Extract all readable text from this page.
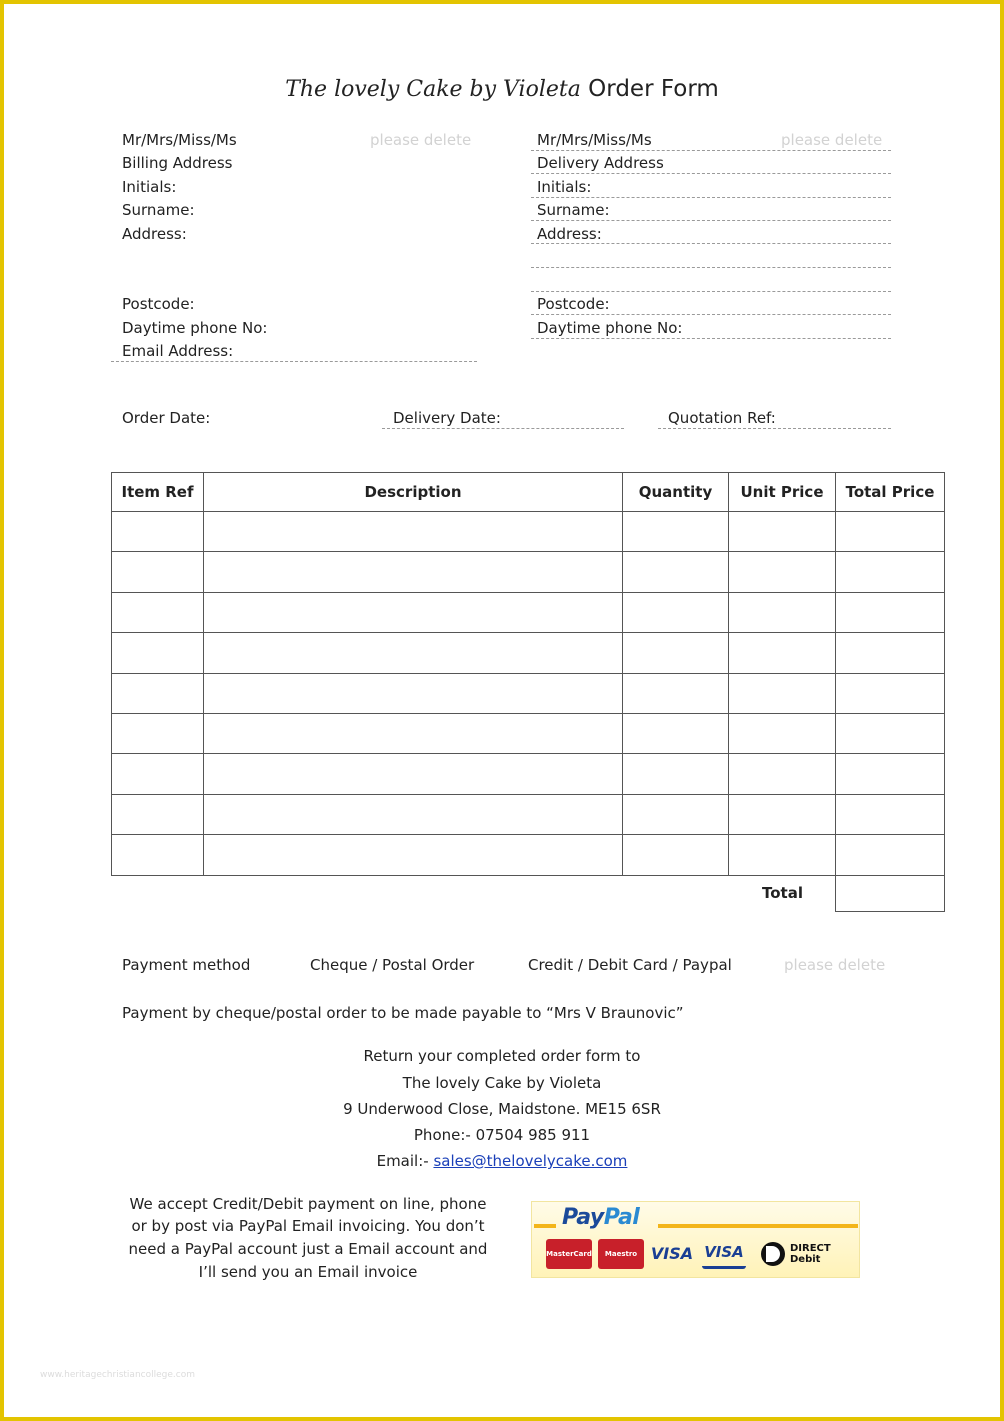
The lovely Cake by Violeta Order Form
Mr/Mrs/Miss/Ms	please delete
Billing Address
Initials:
Surname:
Address:
Postcode:
Daytime phone No:
Email Address:
Mr/Mrs/Miss/Ms	please delete
Delivery Address
Initials:
Surname:
Address:
Postcode:
Daytime phone No:
Order Date:	Delivery Date:	Quotation Ref:
Item Ref	Description	Quantity	Unit Price	Total Price

Total
Payment method	Cheque / Postal Order	Credit / Debit Card / Paypal	please delete
Payment by cheque/postal order to be made payable to “Mrs V Braunovic”
Return your completed order form to
The lovely Cake by Violeta
9 Underwood Close, Maidstone. ME15 6SR
Phone:- 07504 985 911
Email:- sales@thelovelycake.com
We accept Credit/Debit payment on line, phone
or by post via PayPal Email invoicing. You don’t
need a PayPal account just a Email account and
I’ll send you an Email invoice
PayPal
MasterCard	Maestro VISA VISA	DIRECT Debit
www.heritagechristiancollege.com
